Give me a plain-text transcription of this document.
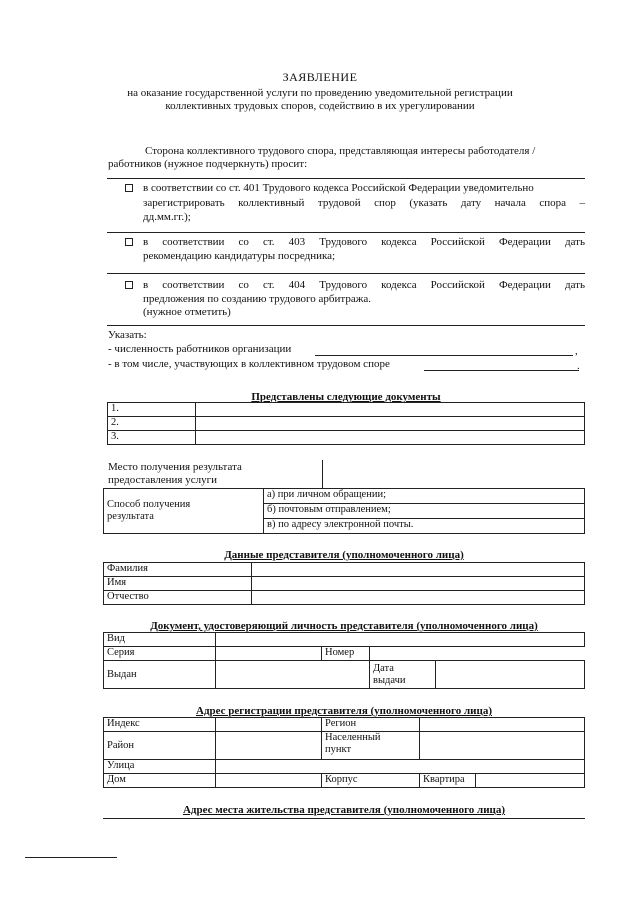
ЗАЯВЛЕНИЕ
на оказание государственной услуги по проведению уведомительной регистрации
коллективных трудовых споров, содействию в их урегулировании
Сторона коллективного трудового спора, представляющая интересы работодателя /
работников (нужное подчеркнуть) просит:
в соответствии со ст. 401 Трудового кодекса Российской Федерации уведомительно
зарегистрировать коллективный трудовой спор (указать дату начала спора –
дд.мм.гг.);
в соответствии со ст. 403 Трудового кодекса Российской Федерации дать
рекомендацию кандидатуры посредника;
в соответствии со ст. 404 Трудового кодекса Российской Федерации дать
предложения по созданию трудового арбитража.
(нужное отметить)
Указать:
- численность работников организации	,
- в том числе, участвующих в коллективном трудовом споре	.
Представлены следующие документы
1.	
2.	
3.	
Место получения результата
предоставления услуги
Способ получения
результата
	а) при личном обращении;
б) почтовым отправлением;
в) по адресу электронной почты.
Данные представителя (уполномоченного лица)
Фамилия	
Имя	
Отчество	
Документ, удостоверяющий личность представителя (уполномоченного лица)
Вид				
Серия		Номер		
Выдан			Дата
выдачи	

Адрес регистрации представителя (уполномоченного лица)
Индекс		Регион		
Район		Населенный
пункт		

Улица				
Дом		Корпус	Квартира	
Адрес места жительства представителя (уполномоченного лица)
